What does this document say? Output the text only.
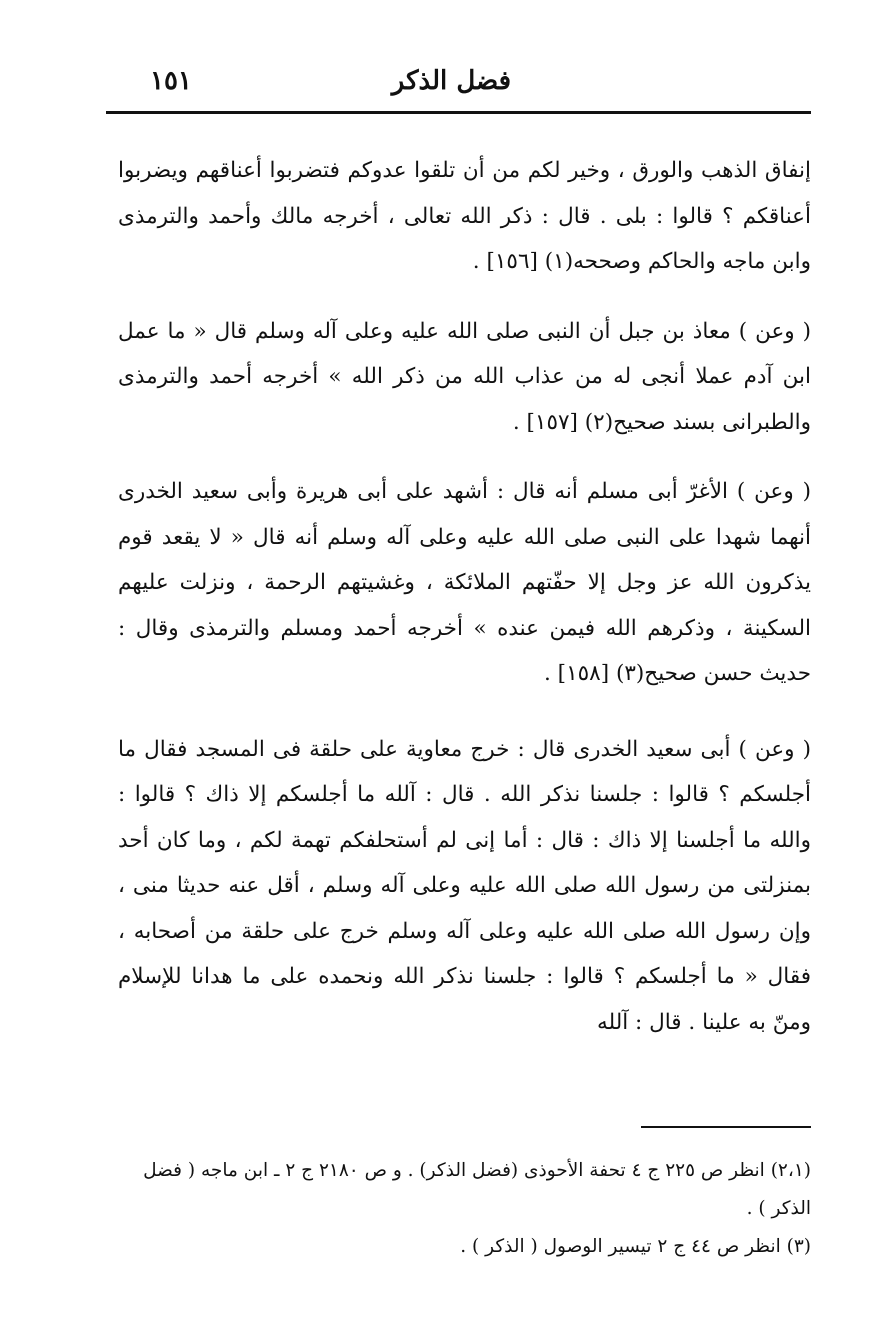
فضل الذكر
١٥١

إنفاق الذهب والورق ، وخير لكم من أن تلقوا عدوكم فتضربوا أعناقهم ويضربوا أعناقكم ؟ قالوا : بلى . قال : ذكر الله تعالى ، أخرجه مالك وأحمد والترمذى وابن ماجه والحاكم وصححه(١) [١٥٦] .

( وعن ) معاذ بن جبل أن النبى صلى الله عليه وعلى آله وسلم قال « ما عمل ابن آدم عملا أنجى له من عذاب الله من ذكر الله » أخرجه أحمد والترمذى والطبرانى بسند صحيح(٢) [١٥٧] .

( وعن ) الأغرّ أبى مسلم أنه قال : أشهد على أبى هريرة وأبى سعيد الخدرى أنهما شهدا على النبى صلى الله عليه وعلى آله وسلم أنه قال « لا يقعد قوم يذكرون الله عز وجل إلا حفّتهم الملائكة ، وغشيتهم الرحمة ، ونزلت عليهم السكينة ، وذكرهم الله فيمن عنده » أخرجه أحمد ومسلم والترمذى وقال : حديث حسن صحيح(٣) [١٥٨] .

( وعن ) أبى سعيد الخدرى قال : خرج معاوية على حلقة فى المسجد فقال ما أجلسكم ؟ قالوا : جلسنا نذكر الله . قال : آلله ما أجلسكم إلا ذاك ؟ قالوا : والله ما أجلسنا إلا ذاك : قال : أما إنى لم أستحلفكم تهمة لكم ، وما كان أحد بمنزلتى من رسول الله صلى الله عليه وعلى آله وسلم ، أقل عنه حديثا منى ، وإن رسول الله صلى الله عليه وعلى آله وسلم خرج على حلقة من أصحابه ، فقال « ما أجلسكم ؟ قالوا : جلسنا نذكر الله ونحمده على ما هدانا للإسلام ومنّ به علينا . قال : آلله

(٢،١) انظر ص ٢٢٥ ج ٤ تحفة الأحوذى (فضل الذكر) . و ص ٢١٨٠ ج ٢ ـ ابن ماجه ( فضل الذكر ) .

(٣) انظر ص ٤٤ ج ٢ تيسير الوصول ( الذكر ) .
